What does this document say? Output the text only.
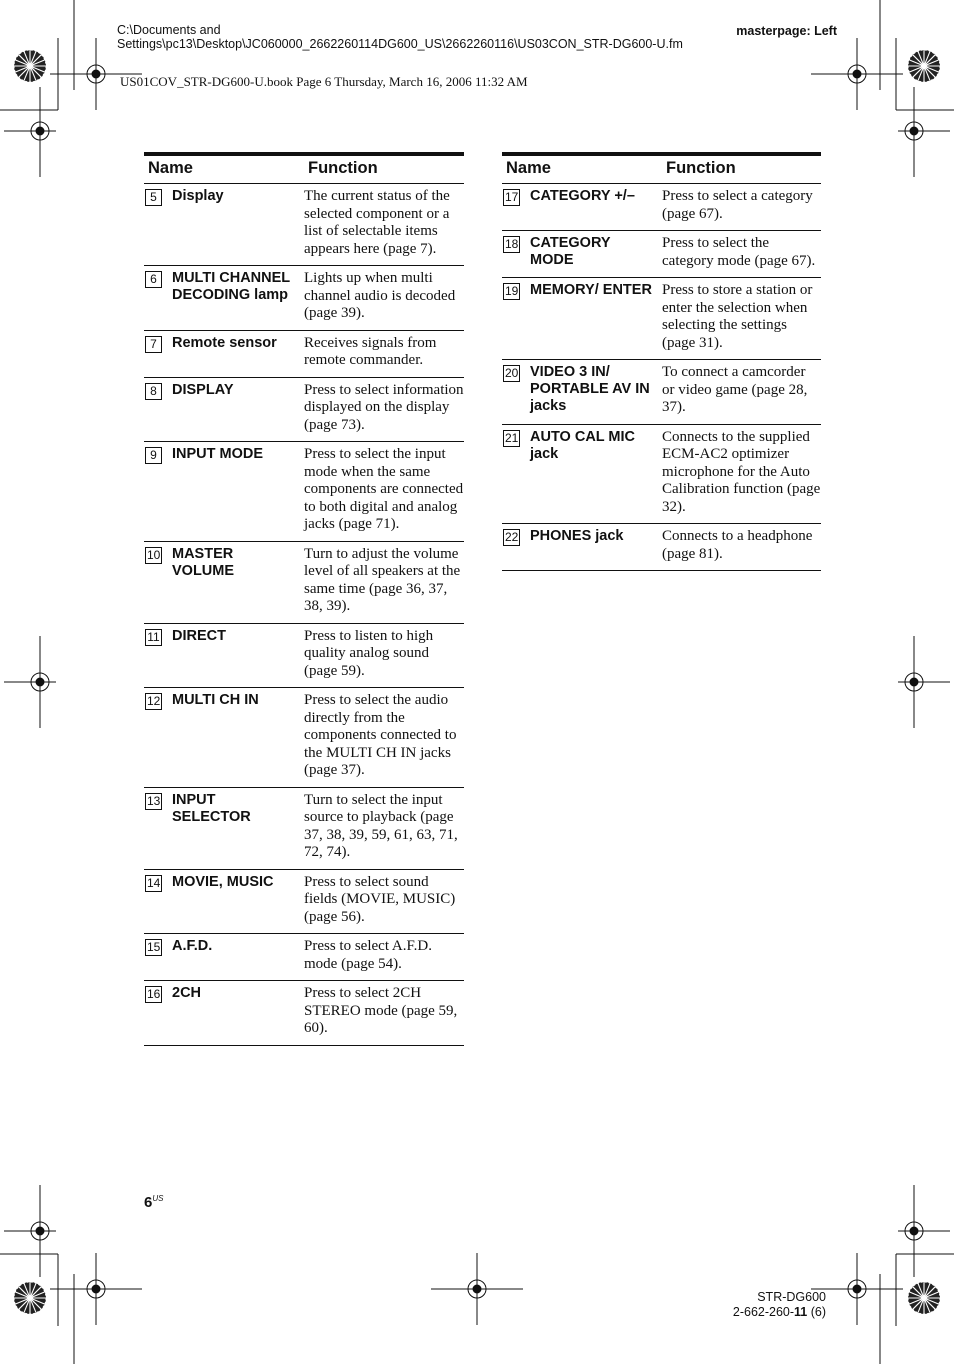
C:\Documents and Settings\pc13\Desktop\JC060000_2662260114DG600_US\2662260116\US03CON_STR-DG600-U.fm
masterpage: Left
US01COV_STR-DG600-U.book Page 6 Thursday, March 16, 2006 11:32 AM
Name		Function
5	Display	The current status of the selected component or a list of selectable items appears here (page 7).
6	MULTI CHANNEL DECODING lamp	Lights up when multi channel audio is decoded (page 39).
7	Remote sensor	Receives signals from remote commander.
8	DISPLAY	Press to select information displayed on the display (page 73).
9	INPUT MODE	Press to select the input mode when the same components are connected to both digital and analog jacks (page 71).
10	MASTER VOLUME	Turn to adjust the volume level of all speakers at the same time (page 36, 37, 38, 39).
11	DIRECT	Press to listen to high quality analog sound (page 59).
12	MULTI CH IN	Press to select the audio directly from the components connected to the MULTI CH IN jacks (page 37).
13	INPUT SELECTOR	Turn to select the input source to playback (page 37, 38, 39, 59, 61, 63, 71, 72, 74).
14	MOVIE, MUSIC	Press to select sound fields (MOVIE, MUSIC) (page 56).
15	A.F.D.	Press to select A.F.D. mode (page 54).
16	2CH	Press to select 2CH STEREO mode (page 59, 60).
Name		Function
17	CATEGORY +/–	Press to select a category (page 67).
18	CATEGORY MODE	Press to select the category mode (page 67).
19	MEMORY/ ENTER	Press to store a station or enter the selection when selecting the settings (page 31).
20	VIDEO 3 IN/ PORTABLE AV IN jacks	To connect a camcorder or video game (page 28, 37).
21	AUTO CAL MIC jack	Connects to the supplied ECM-AC2 optimizer microphone for the Auto Calibration function (page 32).
22	PHONES jack	Connects to a headphone (page 81).
$6^{US}$
STR-DG600
2-662-260-11 (6)
